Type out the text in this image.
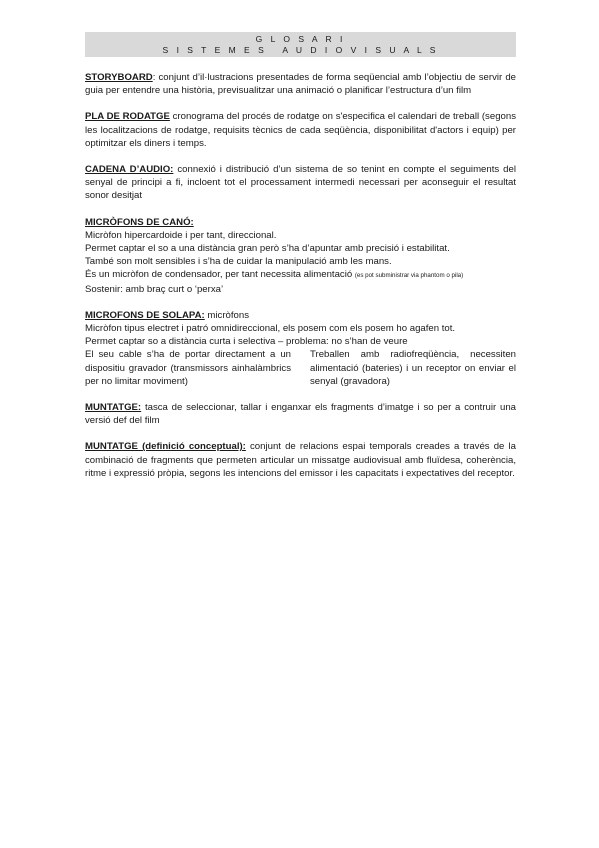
G L O S A R I
S I S T E M E S   A U D I O V I S U A L S

STORYBOARD: conjunt d’il·lustracions presentades de forma seqüencial amb l’objectiu de servir de guia per entendre una història, previsualitzar una animació o planificar l’estructura d’un film

PLA DE RODATGE cronograma del procés de rodatge on s'especifica el calendari de treball (segons les localitzacions de rodatge, requisits tècnics de cada seqüència, disponibilitat d'actors i equip) per optimitzar els diners i temps.

CADENA D’AUDIO: connexió i distribució d’un sistema de so tenint en compte el seguiments del senyal de principi a fi, incloent tot el processament intermedi necessari per aconseguir el resultat sonor desitjat

MICRÒFONS DE CANÓ:
Micròfon hipercardoide i per tant, direccional.
Permet captar el so a una distància gran però s’ha d’apuntar amb precisió i estabilitat.
També son molt sensibles i s’ha de cuidar la manipulació amb les mans.
És un micròfon de condensador, per tant necessita alimentació (es pot subministrar via phantom o pila)
Sostenir: amb braç curt o ‘perxa’
MICROFONS DE SOLAPA: micròfons
Micròfon tipus electret i patró omnidireccional, els posem com els posem ho agafen tot.
Permet captar so a distància curta i selectiva – problema: no s’han de veure
El seu cable s’ha de portar directament a un dispositiu gravador (transmissors ainhalàmbrics per no limitar moviment)
Treballen amb radiofreqüència, necessiten alimentació (bateries) i un receptor on enviar el senyal (gravadora)

MUNTATGE: tasca de seleccionar, tallar i enganxar els fragments d’imatge i so per a contruir una versió def del film

MUNTATGE (definició conceptual): conjunt de relacions espai temporals creades a través de la combinació de fragments que permeten articular un missatge audiovisual amb fluïdesa, coherència, ritme i expressió pròpia, segons les intencions del emissor i les capacitats i expectatives del receptor.
